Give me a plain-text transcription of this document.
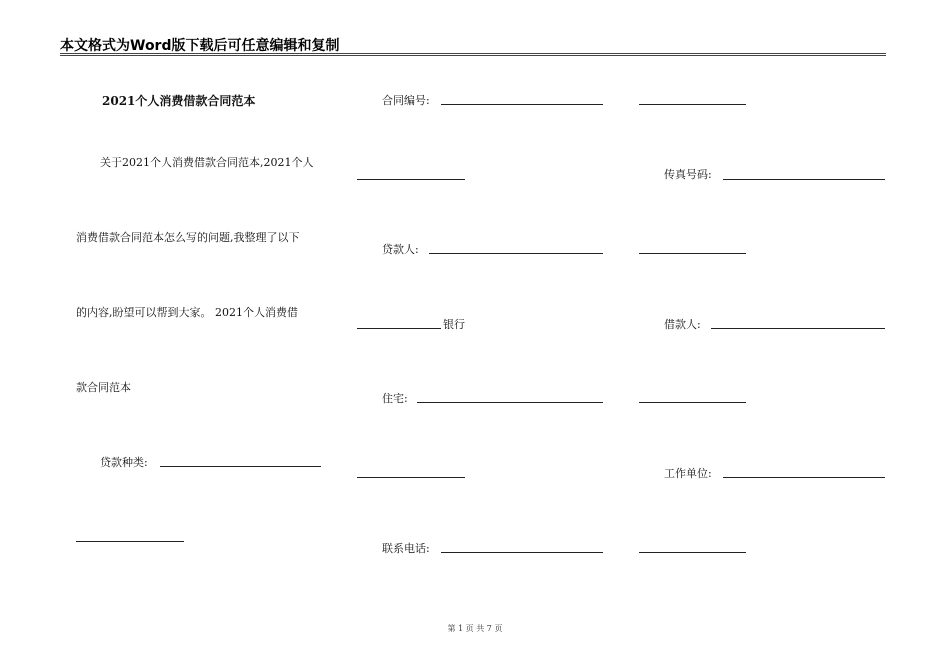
本文格式为Word版下载后可任意编辑和复制
2021个人消费借款合同范本
关于2021个人消费借款合同范本,2021个人
消费借款合同范本怎么写的问题,我整理了以下
的内容,盼望可以帮到大家。 2021个人消费借
款合同范本
贷款种类:
合同编号:
贷款人:
银行
住宅:
联系电话:
传真号码:
借款人:
工作单位:
第 1 页 共 7 页
